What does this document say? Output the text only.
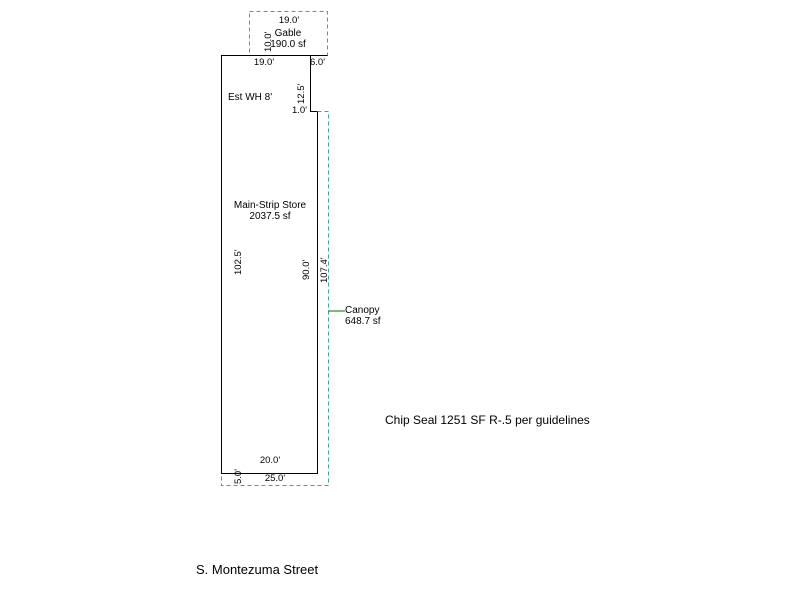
19.0'
10.0' Gable
190.0 sf
19.0'	6.0'
12.5'
1.0'
Est WH 8'
Main-Strip Store
2037.5 sf
102.5'	90.0' 107.4'
Canopy
648.7 sf
20.0'
25.0'
5.0'
Chip Seal 1251 SF R-.5 per guidelines
S. Montezuma Street
